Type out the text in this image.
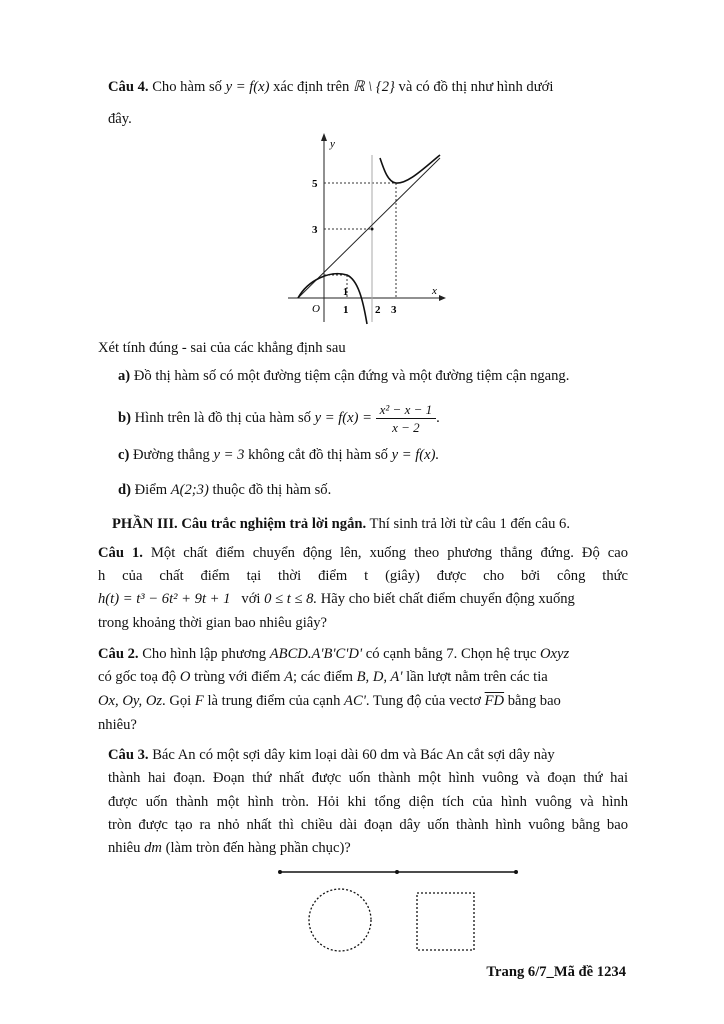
Câu 4. Cho hàm số y = f(x) xác định trên ℝ \ {2} và có đồ thị như hình dưới
đây.
y
x
O
5
3
1 2 3
1
Xét tính đúng - sai của các khẳng định sau
a) Đồ thị hàm số có một đường tiệm cận đứng và một đường tiệm cận ngang.
b) Hình trên là đồ thị của hàm số $y = f(x) = \frac{\text{x² − x − 1}}{x - 2}$ .
c) Đường thẳng y = 3 không cắt đồ thị hàm số y = f(x).
d) Điểm A(2;3) thuộc đồ thị hàm số.
PHẦN III. Câu trắc nghiệm trả lời ngắn. Thí sinh trả lời từ câu 1 đến câu 6.
Câu 1. Một chất điểm chuyển động lên, xuống theo phương thẳng đứng. Độ cao
h của chất điểm tại thời điểm t (giây) được cho bởi công thức
h(t) = t³ − 6t² + 9t + 1 với 0 ≤ t ≤ 8. Hãy cho biết chất điểm chuyển động xuống
trong khoảng thời gian bao nhiêu giây?
Câu 2. Cho hình lập phương ABCD.A'B'C'D' có cạnh bằng 7. Chọn hệ trục Oxyz
có gốc toạ độ O trùng với điểm A; các điểm B, D, A' lần lượt nằm trên các tia
Ox, Oy, Oz. Gọi F là trung điểm của cạnh AC'. Tung độ của vectơ $\overline{FD}$ bằng bao
nhiêu?
Câu 3. Bác An có một sợi dây kim loại dài 60 dm và Bác An cắt sợi dây này
thành hai đoạn. Đoạn thứ nhất được uốn thành một hình vuông và đoạn thứ hai
được uốn thành một hình tròn. Hỏi khi tổng diện tích của hình vuông và hình
tròn được tạo ra nhỏ nhất thì chiều dài đoạn dây uốn thành hình vuông bằng bao
nhiêu dm (làm tròn đến hàng phần chục)?
Trang 6/7_Mã đề 1234
